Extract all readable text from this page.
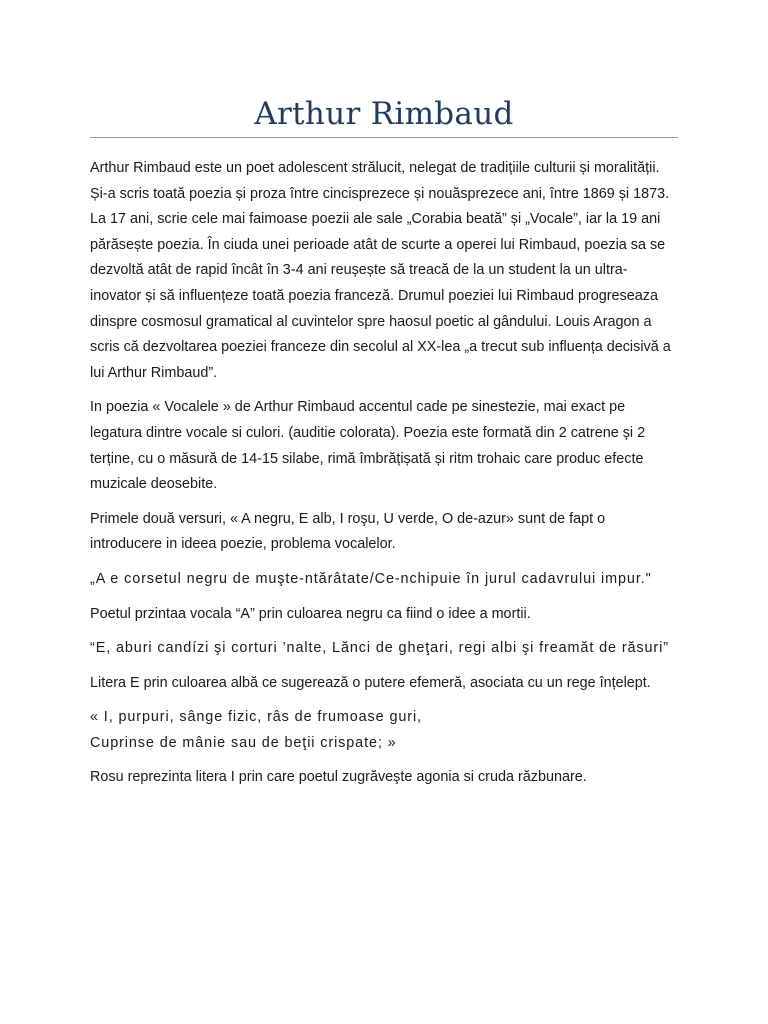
Arthur Rimbaud

Arthur Rimbaud este un poet adolescent strălucit, nelegat de tradițiile culturii și moralității. Și-a scris toată poezia și proza între cincisprezece și nouăsprezece ani, între 1869 și 1873. La 17 ani, scrie cele mai faimoase poezii ale sale „Corabia beată” și „Vocale”, iar la 19 ani părăsește poezia. În ciuda unei perioade atât de scurte a operei lui Rimbaud, poezia sa se dezvoltă atât de rapid încât în 3-4 ani reușește să treacă de la un student la un ultra-inovator și să influențeze toată poezia franceză. Drumul poeziei lui Rimbaud progreseaza dinspre cosmosul gramatical al cuvintelor spre haosul poetic al gândului. Louis Aragon a scris că dezvoltarea poeziei franceze din secolul al XX-lea „a trecut sub influența decisivă a lui Arthur Rimbaud”.

In poezia « Vocalele » de Arthur Rimbaud accentul cade pe sinestezie, mai exact pe legatura dintre vocale si culori. (auditie colorata). Poezia este formată din 2 catrene și 2 terține, cu o măsură de 14-15 silabe, rimă îmbrățișată și ritm trohaic care produc efecte muzicale deosebite.

Primele două versuri, « A negru, E alb, I roşu, U verde, O de-azur» sunt de fapt o introducere in ideea poezie, problema vocalelor.

„A e corsetul negru de muşte-ntărâtate/Ce-nchipuie în jurul cadavrului impur."

Poetul przintaa vocala “A” prin culoarea negru ca fiind o idee a mortii.

“E, aburi candízi şi corturi ’nalte, Lănci de gheţari, regi albi şi freamăt de răsuri”

Litera E prin culoarea albă ce sugerează o putere efemeră, asociata cu un rege înțelept.

« I, purpuri, sânge fizic, râs de frumoase guri,
Cuprinse de mânie sau de beţii crispate; »

Rosu reprezinta litera I prin care poetul zugrăveşte agonia si cruda răzbunare.
